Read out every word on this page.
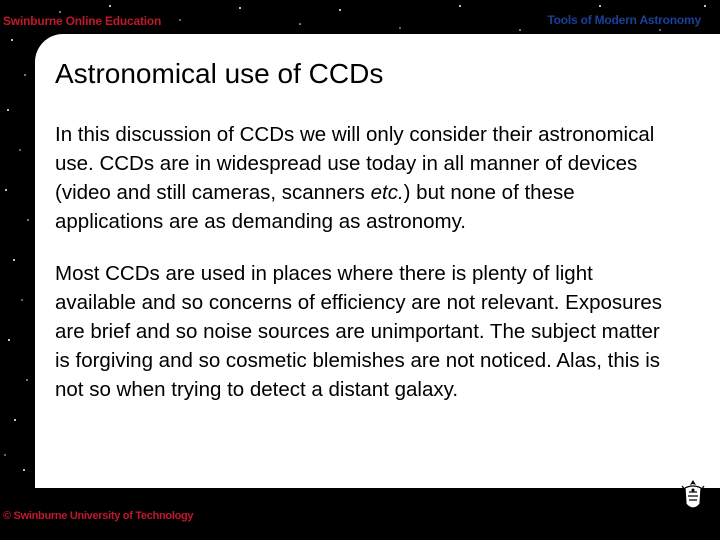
Swinburne Online Education	Tools of Modern Astronomy
Astronomical use of CCDs

In this discussion of CCDs we will only consider their astronomical use. CCDs are in widespread use today in all manner of devices (video and still cameras, scanners etc.) but none of these applications are as demanding as astronomy.

Most CCDs are used in places where there is plenty of light available and so concerns of efficiency are not relevant. Exposures are brief and so noise sources are unimportant. The subject matter is forgiving and so cosmetic blemishes are not noticed. Alas, this is not so when trying to detect a distant galaxy.

© Swinburne University of Technology
